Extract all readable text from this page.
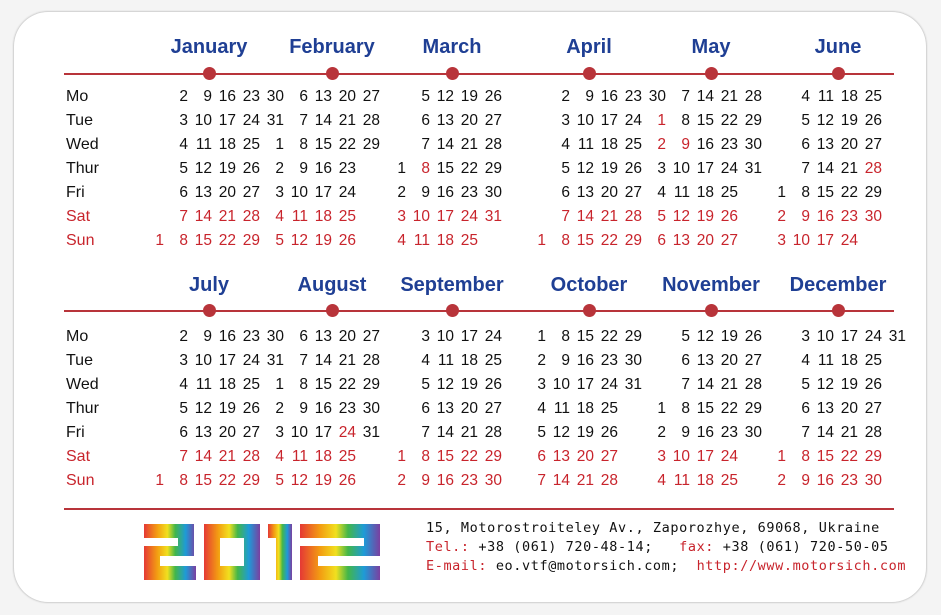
15, Motorostroiteley Av., Zaporozhye, 69068, Ukraine
Tel.: +38 (061) 720-48-14; fax: +38 (061) 720-50-05
E-mail: eo.vtf@motorsich.com; http://www.motorsich.com
Mo
Tue
Wed
Thur
Fri
Sat
Sun
January
2 9 16 23 30
3 10 17 24 31
4 11 18 25
5 12 19 26
6 13 20 27
7 14 21 28
1 8 15 22 29
February
6 13 20 27
7 14 21 28
1 8 15 22 29
2 9 16 23
3 10 17 24
4 11 18 25
5 12 19 26
March
5 12 19 26
6 13 20 27
7 14 21 28
1 8 15 22 29
2 9 16 23 30
3 10 17 24 31
4 11 18 25
April
2 9 16 23 30
3 10 17 24
4 11 18 25
5 12 19 26
6 13 20 27
7 14 21 28
1 8 15 22 29
May
7 14 21 28
1 8 15 22 29
2 9 16 23 30
3 10 17 24 31
4 11 18 25
5 12 19 26
6 13 20 27
June
4 11 18 25
5 12 19 26
6 13 20 27
7 14 21 28
1 8 15 22 29
2 9 16 23 30
3 10 17 24
Mo
Tue
Wed
Thur
Fri
Sat
Sun
July
2 9 16 23 30
3 10 17 24 31
4 11 18 25
5 12 19 26
6 13 20 27
7 14 21 28
1 8 15 22 29
August
6 13 20 27
7 14 21 28
1 8 15 22 29
2 9 16 23 30
3 10 17 24 31
4 11 18 25
5 12 19 26
September
3 10 17 24
4 11 18 25
5 12 19 26
6 13 20 27
7 14 21 28
1 8 15 22 29
2 9 16 23 30
October
1 8 15 22 29
2 9 16 23 30
3 10 17 24 31
4 11 18 25
5 12 19 26
6 13 20 27
7 14 21 28
November
5 12 19 26
6 13 20 27
7 14 21 28
1 8 15 22 29
2 9 16 23 30
3 10 17 24
4 11 18 25
December
3 10 17 24 31
4 11 18 25
5 12 19 26
6 13 20 27
7 14 21 28
1 8 15 22 29
2 9 16 23 30
